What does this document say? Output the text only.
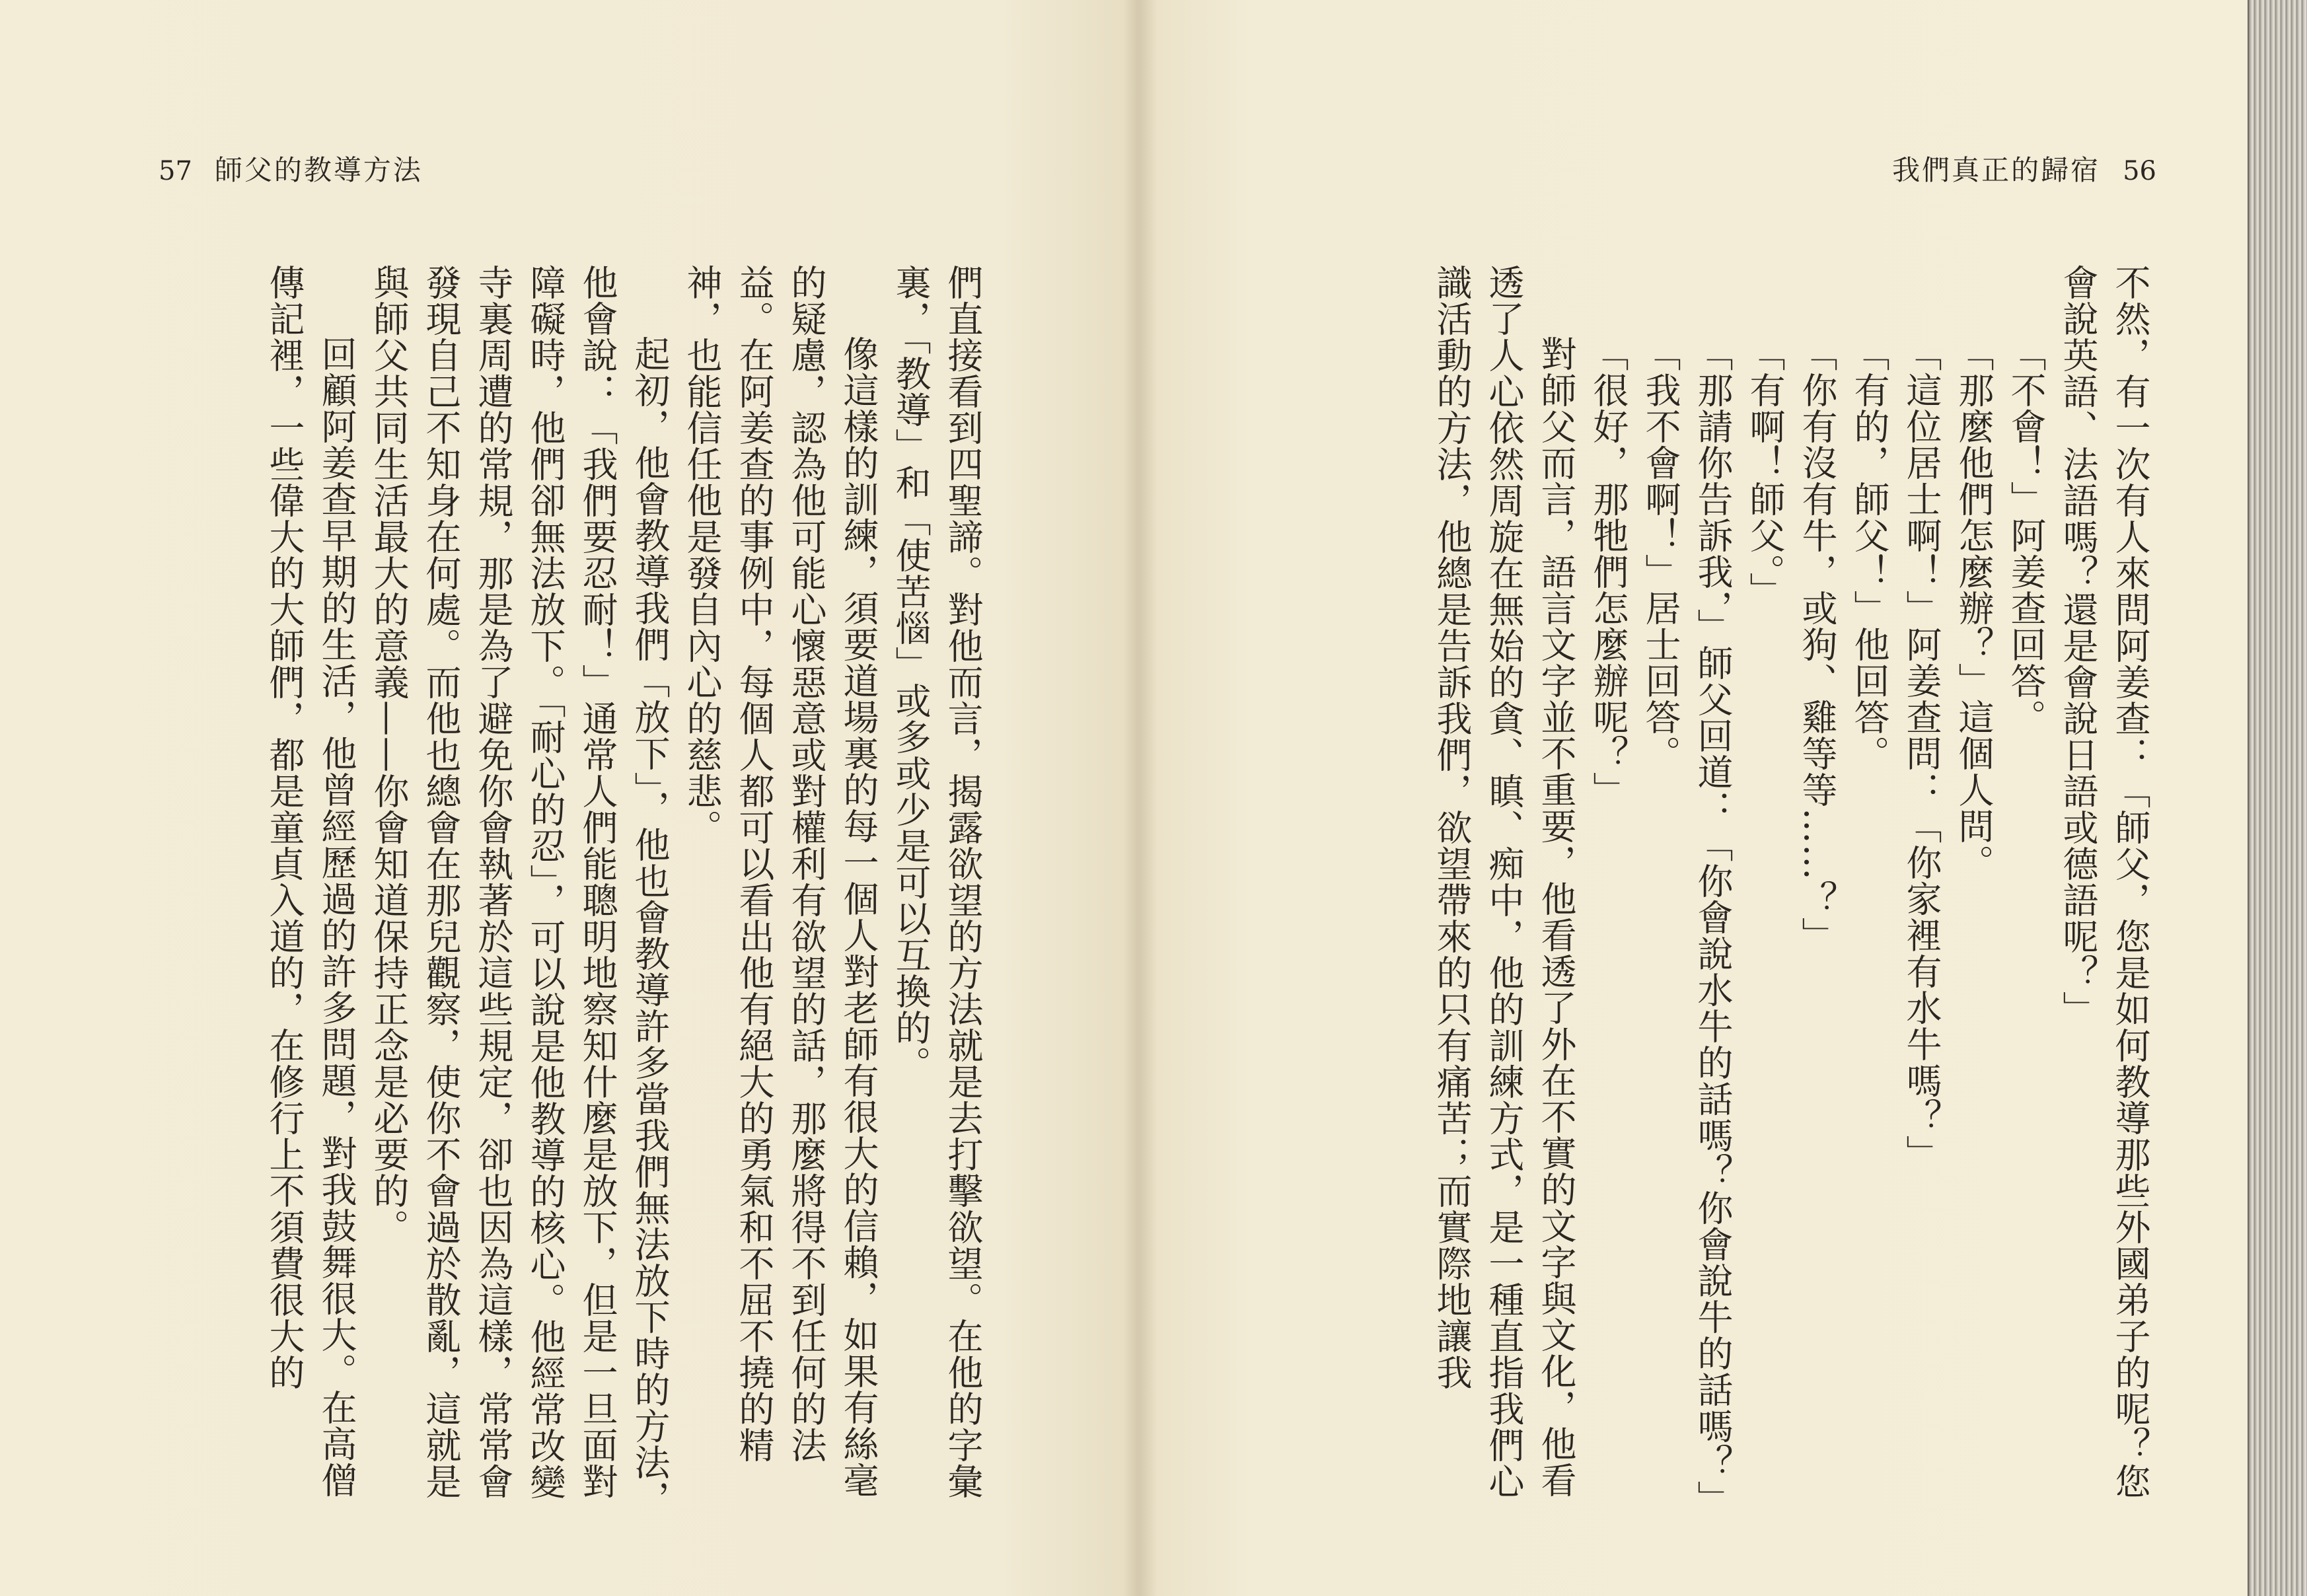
57 師父的教導方法

們直接看到四聖諦。對他而言，揭露欲望的方法就是去打擊欲望。在他的字彙裏，「教導」和「使苦惱」或多或少是可以互換的。

像這樣的訓練，須要道場裏的每一個人對老師有很大的信賴，如果有絲毫的疑慮，認為他可能心懷惡意或對權利有欲望的話，那麼將得不到任何的法益。在阿姜查的事例中，每個人都可以看出他有絕大的勇氣和不屈不撓的精神，也能信任他是發自內心的慈悲。

起初，他會教導我們「放下」，他也會教導許多當我們無法放下時的方法，他會說：「我們要忍耐！」通常人們能聰明地察知什麼是放下，但是一旦面對障礙時，他們卻無法放下。「耐心的忍」，可以說是他教導的核心。他經常改變寺裏周遭的常規，那是為了避免你會執著於這些規定，卻也因為這樣，常常會發現自己不知身在何處。而他也總會在那兒觀察，使你不會過於散亂，這就是與師父共同生活最大的意義——你會知道保持正念是必要的。

回顧阿姜查早期的生活，他曾經歷過的許多問題，對我鼓舞很大。在高僧傳記裡，一些偉大的大師們，都是童貞入道的，在修行上不須費很大的

我們真正的歸宿 56

不然，有一次有人來問阿姜查：「師父，您是如何教導那些外國弟子的呢？您會說英語、法語嗎？還是會說日語或德語呢？」

「不會！」阿姜查回答。

「那麼他們怎麼辦？」這個人問。

「這位居士啊！」阿姜查問：「你家裡有水牛嗎？」

「有的，師父！」他回答。

「你有沒有牛，或狗、雞等等……？」

「有啊！師父。」

「那請你告訴我，」師父回道：「你會說水牛的話嗎？你會說牛的話嗎？」

「我不會啊！」居士回答。

「很好，那牠們怎麼辦呢？」

對師父而言，語言文字並不重要，他看透了外在不實的文字與文化，他看透了人心依然周旋在無始的貪、瞋、痴中，他的訓練方式，是一種直指我們心識活動的方法，他總是告訴我們，欲望帶來的只有痛苦；而實際地讓我
